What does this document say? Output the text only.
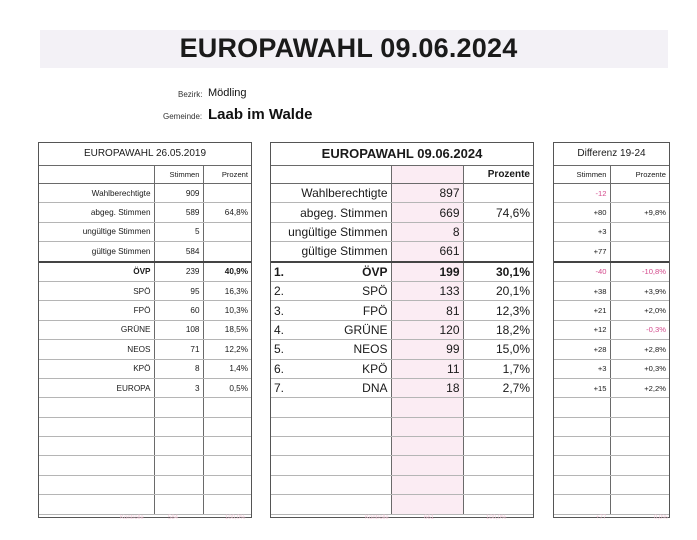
EUROPAWAHL 09.06.2024
Bezirk: Mödling
Gemeinde: Laab im Walde
EUROPAWAHL 26.05.2019
	Stimmen	Prozent
Wahlberechtigte	909	
abgeg. Stimmen	589	64,8%
ungültige Stimmen	5	
gültige Stimmen	584	
ÖVP	239	40,9%
SPÖ	95	16,3%
FPÖ	60	10,3%
GRÜNE	108	18,5%
NEOS	71	12,2%
KPÖ	8	1,4%
EUROPA	3	0,5%

EUROPAWAHL 09.06.2024
		Prozente
Wahlberechtigte	897	
abgeg. Stimmen	669	74,6%
ungültige Stimmen	8	
gültige Stimmen	661	

1. ÖVP	199	30,1%

2. SPÖ	133	20,1%

3. FPÖ	81	12,3%

4. GRÜNE	120	18,2%

5. NEOS	99	15,0%

6. KPÖ	11	1,7%

7. DNA	18	2,7%

Differenz 19-24
Stimmen	Prozente
-12	
+80	+9,8%
+3	
+77	
-40	-10,8%
+38	+3,9%
+21	+2,0%
+12	-0,3%
+28	+2,8%
+3	+0,3%
+15	+2,2%

Kontrolle	584	100,0%	Kontrolle	661	100,0%	+77	0,0%
